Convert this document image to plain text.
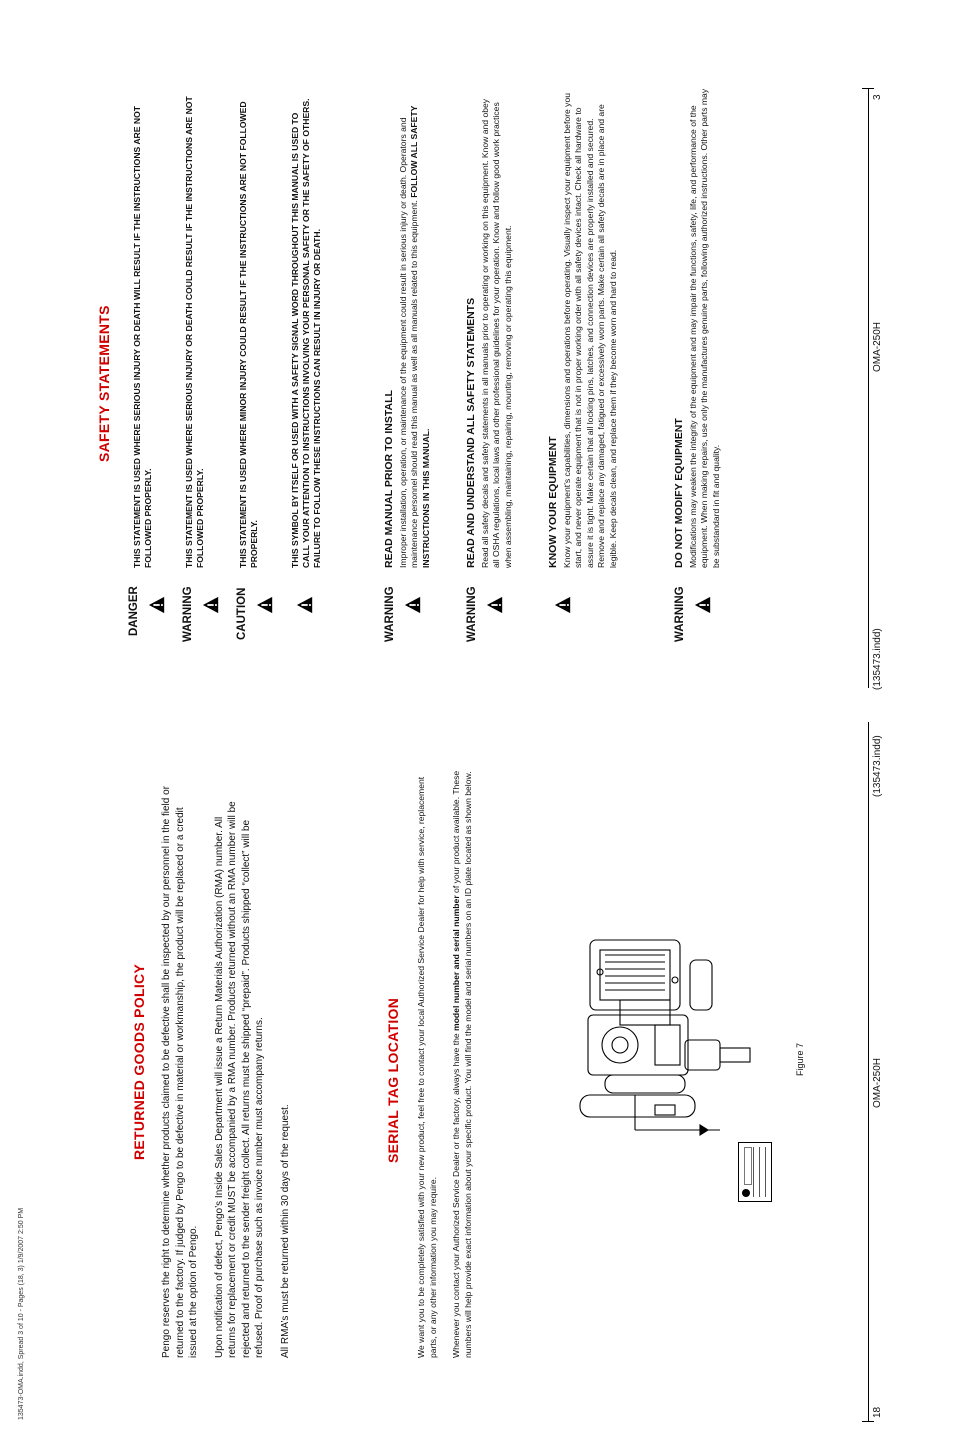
135473-OMA.indd, Spread 3 of 10 - Pages (18, 3) 1/9/2007 2:50 PM	18
OMA-250H
(135473.indd)
(135473.indd)
OMA-250H
3
RETURNED GOODS POLICY Pengo reserves the right to determine whether products claimed to be defective shall be inspected by our personnel in the field or returned to the factory. If judged by Pengo to be defective in material or workmanship, the product will be replaced or a credit issued at the option of Pengo. Upon notification of defect, Pengo’s Inside Sales Department will issue a Return Materials Authorization (RMA) number. All returns for replacement or credit MUST be accompanied by a RMA number. Products returned without an RMA number will be rejected and returned to the sender freight collect. All returns must be shipped “prepaid”. Products shipped “collect” will be refused. Proof of purchase such as invoice number must accompany returns. All RMA’s must be returned within 30 days of the request.

SERIAL TAG LOCATION We want you to be completely satisfied with your new product, feel free to contact your local Authorized Service Dealer for help with service, replacement parts, or any other information you may require. Whenever you contact your Authorized Service Dealer or the factory, always have the model number and serial number of your product available. These numbers will help provide exact information about your specific product. You will find the model and serial numbers on an ID plate located as shown below.	Figure 7
SAFETY STATEMENTS
DANGER
THIS STATEMENT IS USED WHERE SERIOUS INJURY OR DEATH WILL RESULT IF THE INSTRUCTIONS ARE NOT FOLLOWED PROPERLY.
WARNING
THIS STATEMENT IS USED WHERE SERIOUS INJURY OR DEATH COULD RESULT IF THE INSTRUCTIONS ARE NOT FOLLOWED PROPERLY.
CAUTION
THIS STATEMENT IS USED WHERE MINOR INJURY COULD RESULT IF THE INSTRUCTIONS ARE NOT FOLLOWED PROPERLY.	THIS SYMBOL BY ITSELF OR USED WITH A SAFETY SIGNAL WORD THROUGHOUT THIS MANUAL IS USED TO CALL YOUR ATTENTION TO INSTRUCTIONS INVOLVING YOUR PERSONAL SAFETY OR THE SAFETY OF OTHERS. FAILURE TO FOLLOW THESE INSTRUCTIONS CAN RESULT IN INJURY OR DEATH.
WARNING
READ MANUAL PRIOR TO INSTALL Improper installation, operation, or maintenance of the equipment could result in serious injury or death. Operators and maintenance personnel should read this manual as well as all manuals related to this equipment. FOLLOW ALL SAFETY INSTRUCTIONS IN THIS MANUAL.
WARNING
READ AND UNDERSTAND ALL SAFETY STATEMENTS Read all safety decals and safety statements in all manuals prior to operating or working on this equipment. Know and obey all OSHA regulations, local laws and other professional guidelines for your operation. Know and follow good work practices when assembling, maintaining, repairing, mounting, removing or operating this equipment.	KNOW YOUR EQUIPMENT Know your equipment’s capabilities, dimensions and operations before operating. Visually inspect your equipment before you start, and never operate equipment that is not in proper working order with all safety devices intact. Check all hardware to assure it is tight. Make certain that all locking pins, latches, and connection devices are properly installed and secured. Remove and replace any damaged, fatigued or excessively worn parts. Make certain all safety decals are in place and are legible. Keep decals clean, and replace them if they become worn and hard to read.
WARNING
DO NOT MODIFY EQUIPMENT Modifications may weaken the integrity of the equipment and may impair the functions, safety, life, and performance of the equipment. When making repairs, use only the manufactures genuine parts, following authorized instructions. Other parts may be substandard in fit and quality.
